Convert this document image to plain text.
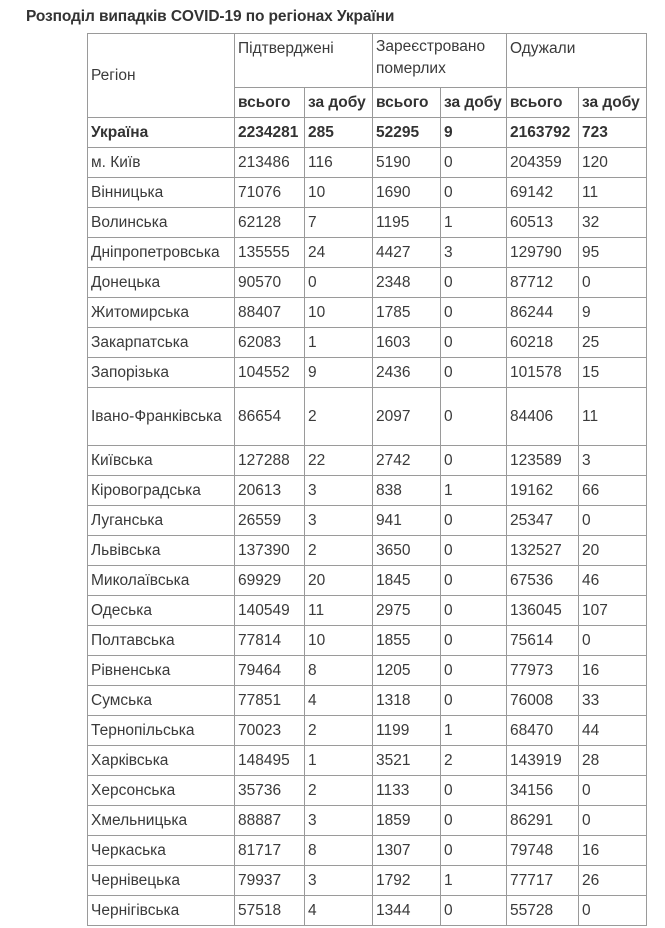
Розподіл випадків COVID-19 по регіонах України
Регіон	Підтверджені		Зареєстровано померлих		Одужали	
	всього	за добу	всього	за добу	всього	за добу
Україна	2234281	285	52295	9	2163792	723
м. Київ	213486	116	5190	0	204359	120
Вінницька	71076	10	1690	0	69142	11
Волинська	62128	7	1195	1	60513	32
Дніпропетровська	135555	24	4427	3	129790	95
Донецька	90570	0	2348	0	87712	0
Житомирська	88407	10	1785	0	86244	9
Закарпатська	62083	1	1603	0	60218	25
Запорізька	104552	9	2436	0	101578	15
Івано-Франківська	86654	2	2097	0	84406	11
Київська	127288	22	2742	0	123589	3
Кіровоградська	20613	3	838	1	19162	66
Луганська	26559	3	941	0	25347	0
Львівська	137390	2	3650	0	132527	20
Миколаївська	69929	20	1845	0	67536	46
Одеська	140549	11	2975	0	136045	107
Полтавська	77814	10	1855	0	75614	0
Рівненська	79464	8	1205	0	77973	16
Сумська	77851	4	1318	0	76008	33
Тернопільська	70023	2	1199	1	68470	44
Харківська	148495	1	3521	2	143919	28
Херсонська	35736	2	1133	0	34156	0
Хмельницька	88887	3	1859	0	86291	0
Черкаська	81717	8	1307	0	79748	16
Чернівецька	79937	3	1792	1	77717	26
Чернігівська	57518	4	1344	0	55728	0
